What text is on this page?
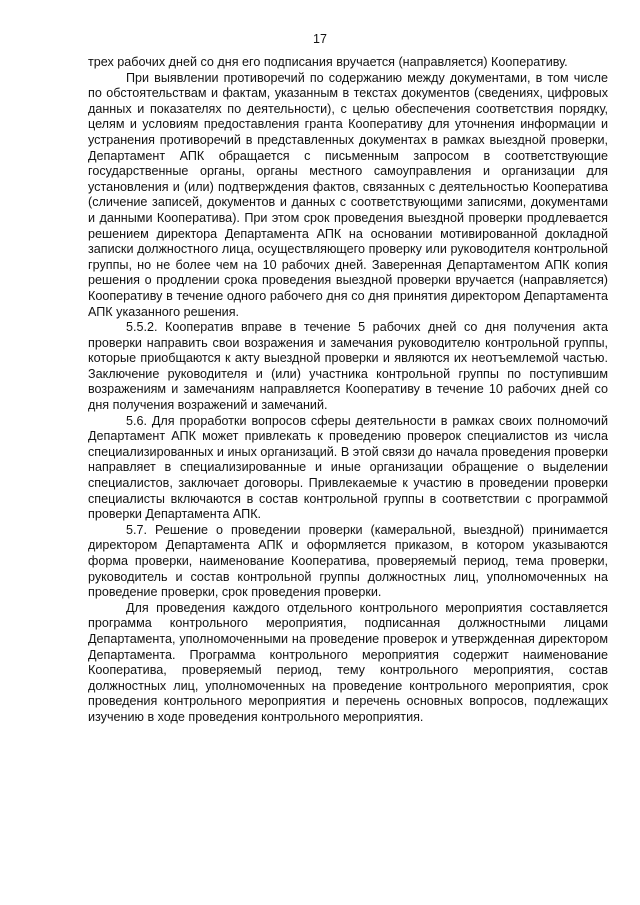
17

трех рабочих дней со дня его подписания вручается (направляется) Кооперативу.

При выявлении противоречий по содержанию между документами, в том числе по обстоятельствам и фактам, указанным в текстах документов (сведениях, цифровых данных и показателях по деятельности), с целью обеспечения соответствия порядку, целям и условиям предоставления гранта Кооперативу для уточнения информации и устранения противоречий в представленных документах в рамках выездной проверки, Департамент АПК обращается с письменным запросом в соответствующие государственные органы, органы местного самоуправления и организации для установления и (или) подтверждения фактов, связанных с деятельностью Кооператива (сличение записей, документов и данных с соответствующими записями, документами и данными Кооператива). При этом срок проведения выездной проверки продлевается решением директора Департамента АПК на основании мотивированной докладной записки должностного лица, осуществляющего проверку или руководителя контрольной группы, но не более чем на 10 рабочих дней. Заверенная Департаментом АПК копия решения о продлении срока проведения выездной проверки вручается (направляется) Кооперативу в течение одного рабочего дня со дня принятия директором Департамента АПК указанного решения.

5.5.2. Кооператив вправе в течение 5 рабочих дней со дня получения акта проверки направить свои возражения и замечания руководителю контрольной группы, которые приобщаются к акту выездной проверки и являются их неотъемлемой частью. Заключение руководителя и (или) участника контрольной группы по поступившим возражениям и замечаниям направляется Кооперативу в течение 10 рабочих дней со дня получения возражений и замечаний.

5.6. Для проработки вопросов сферы деятельности в рамках своих полномочий Департамент АПК может привлекать к проведению проверок специалистов из числа специализированных и иных организаций. В этой связи до начала проведения проверки направляет в специализированные и иные организации обращение о выделении специалистов, заключает договоры. Привлекаемые к участию в проведении проверки специалисты включаются в состав контрольной группы в соответствии с программой проверки Департамента АПК.

5.7. Решение о проведении проверки (камеральной, выездной) принимается директором Департамента АПК и оформляется приказом, в котором указываются форма проверки, наименование Кооператива, проверяемый период, тема проверки, руководитель и состав контрольной группы должностных лиц, уполномоченных на проведение проверки, срок проведения проверки.

Для проведения каждого отдельного контрольного мероприятия составляется программа контрольного мероприятия, подписанная должностными лицами Департамента, уполномоченными на проведение проверок и утвержденная директором Департамента. Программа контрольного мероприятия содержит наименование Кооператива, проверяемый период, тему контрольного мероприятия, состав должностных лиц, уполномоченных на проведение контрольного мероприятия, срок проведения контрольного мероприятия и перечень основных вопросов, подлежащих изучению в ходе проведения контрольного мероприятия.
